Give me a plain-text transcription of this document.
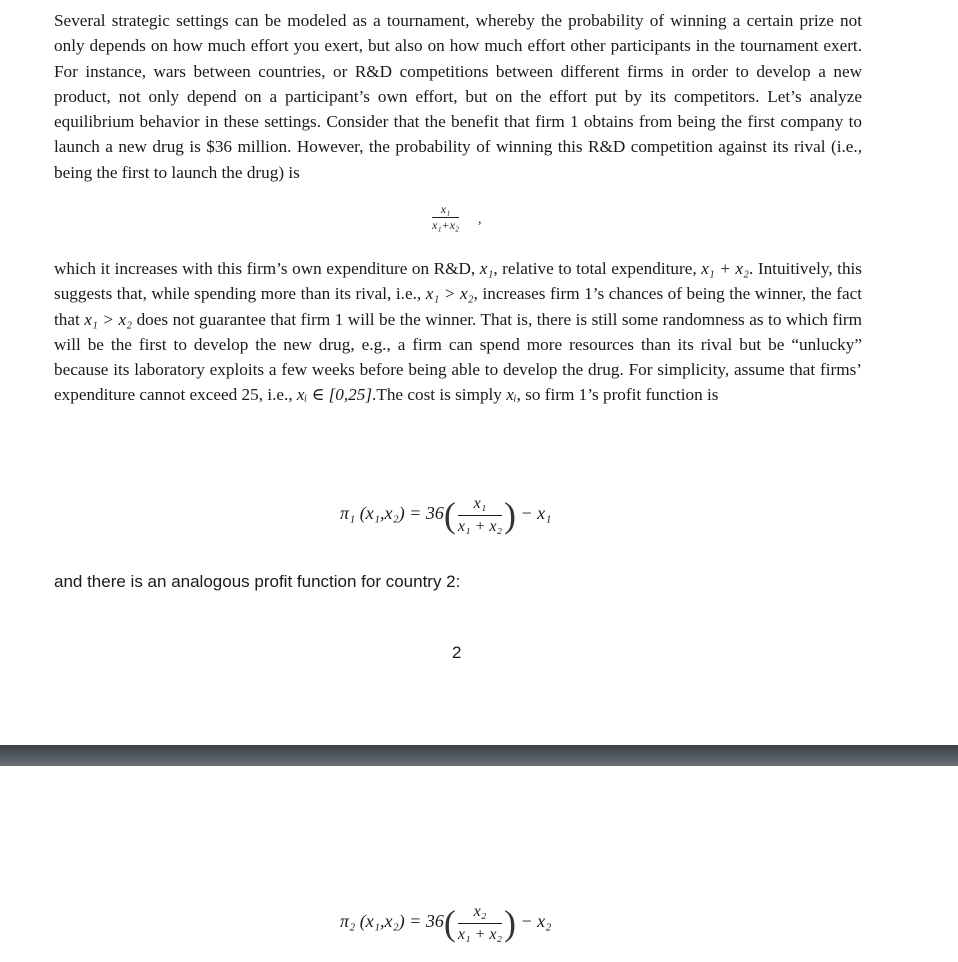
Several strategic settings can be modeled as a tournament, whereby the probability of winning a certain prize not only depends on how much effort you exert, but also on how much effort other participants in the tournament exert. For instance, wars between countries, or R&D competitions between different firms in order to develop a new product, not only depend on a participant’s own effort, but on the effort put by its competitors. Let’s analyze equilibrium behavior in these settings. Consider that the benefit that firm 1 obtains from being the first company to launch a new drug is $36 million. However, the probability of winning this R&D competition against its rival (i.e., being the first to launch the drug) is

$\frac{\text{x₁}}{\text{x₁+x₂}}$ ,

which it increases with this firm’s own expenditure on R&D, x₁, relative to total expenditure, x₁ + x₂. Intuitively, this suggests that, while spending more than its rival, i.e., x₁ > x₂, increases firm 1’s chances of being the winner, the fact that x₁ > x₂ does not guarantee that firm 1 will be the winner. That is, there is still some randomness as to which firm will be the first to develop the new drug, e.g., a firm can spend more resources than its rival but be “unlucky” because its laboratory exploits a few weeks before being able to develop the drug. For simplicity, assume that firms’ expenditure cannot exceed 25, i.e., xᵢ ∈ [0,25].The cost is simply xᵢ, so firm 1’s profit function is

π₁ $(x_1,x_2) = 36( \frac{\text{x₁}}{\text{x₁ + x₂}}$ ) − x₁

and there is an analogous profit function for country 2:

2

π₂ $(x_1,x_2) = 36( \frac{\text{x₂}}{\text{x₁ + x₂}}$ ) − x₂
